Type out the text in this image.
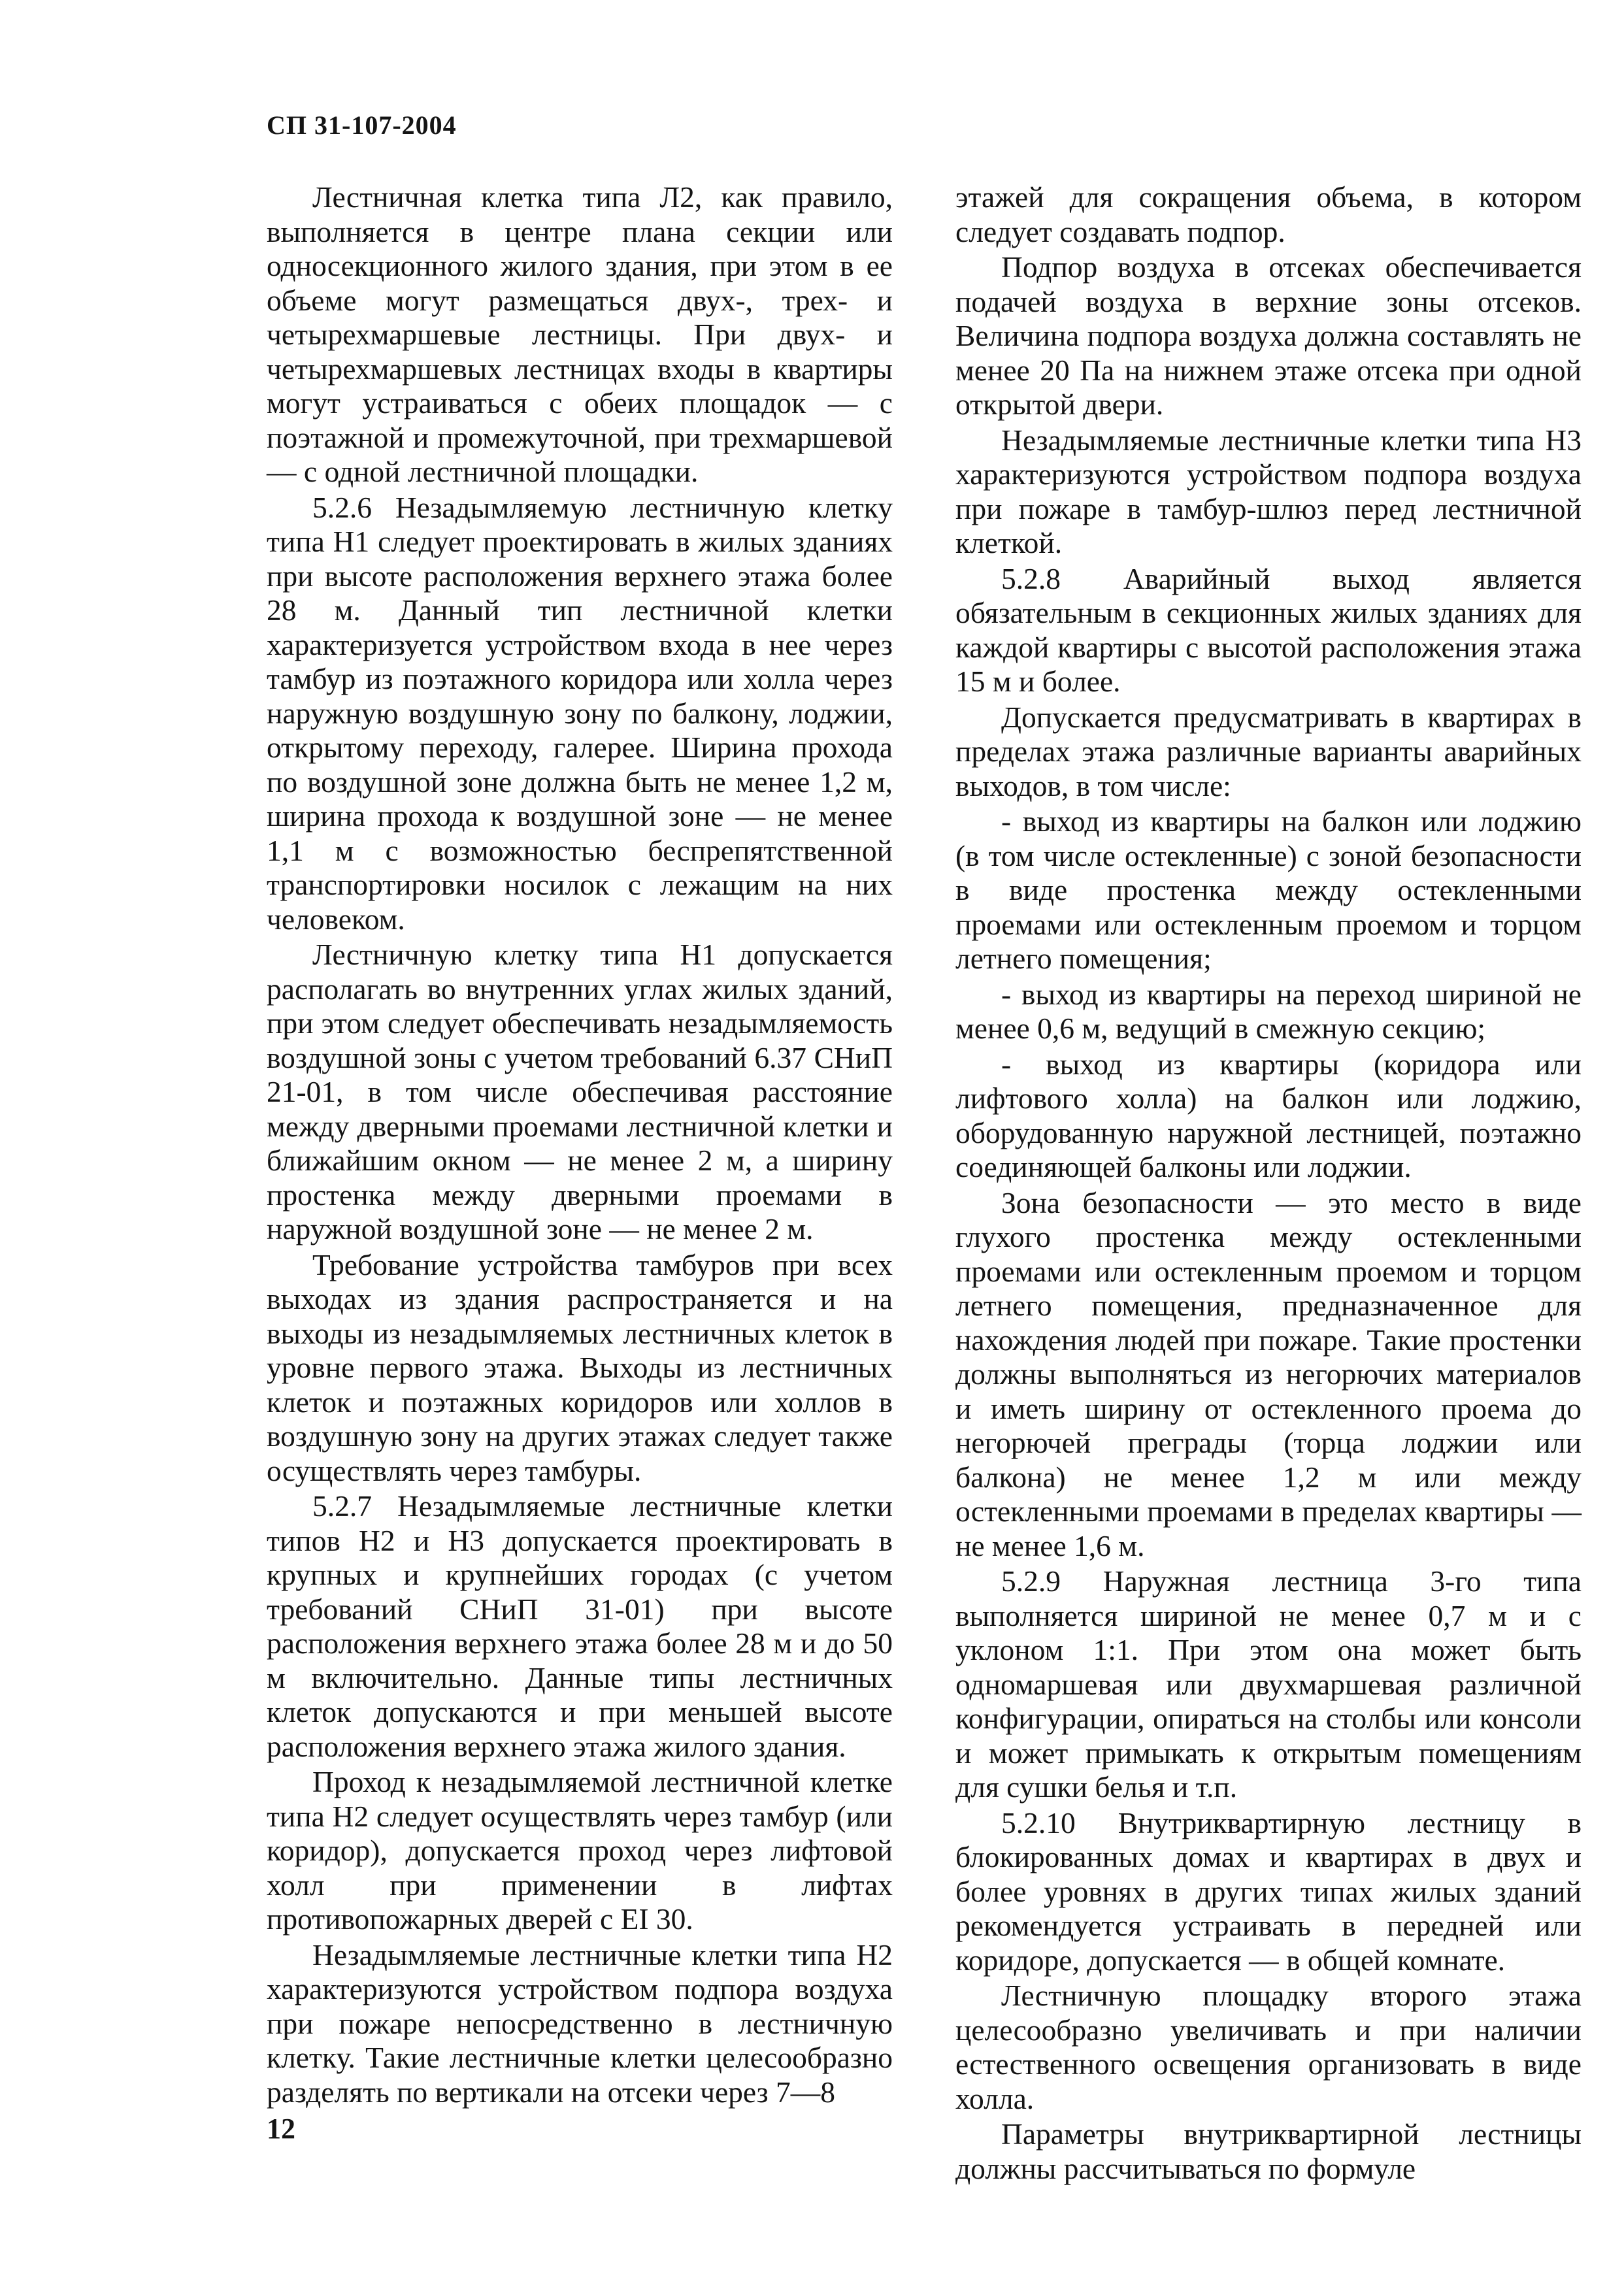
СП 31-107-2004

Лестничная клетка типа Л2, как правило, выполняется в центре плана секции или односекционного жилого здания, при этом в ее объеме могут размещаться двух-, трех- и четырехмаршевые лестницы. При двух- и четырехмаршевых лестницах входы в квартиры могут устраиваться с обеих площадок — с поэтажной и промежуточной, при трехмаршевой — с одной лестничной площадки.

5.2.6 Незадымляемую лестничную клетку типа Н1 следует проектировать в жилых зданиях при высоте расположения верхнего этажа более 28 м. Данный тип лестничной клетки характеризуется устройством входа в нее через тамбур из поэтажного коридора или холла через наружную воздушную зону по балкону, лоджии, открытому переходу, галерее. Ширина прохода по воздушной зоне должна быть не менее 1,2 м, ширина прохода к воздушной зоне — не менее 1,1 м с возможностью беспрепятственной транспортировки носилок с лежащим на них человеком.

Лестничную клетку типа Н1 допускается располагать во внутренних углах жилых зданий, при этом следует обеспечивать незадымляемость воздушной зоны с учетом требований 6.37 СНиП 21-01, в том числе обеспечивая расстояние между дверными проемами лестничной клетки и ближайшим окном — не менее 2 м, а ширину простенка между дверными проемами в наружной воздушной зоне — не менее 2 м.

Требование устройства тамбуров при всех выходах из здания распространяется и на выходы из незадымляемых лестничных клеток в уровне первого этажа. Выходы из лестничных клеток и поэтажных коридоров или холлов в воздушную зону на других этажах следует также осуществлять через тамбуры.

5.2.7 Незадымляемые лестничные клетки типов Н2 и Н3 допускается проектировать в крупных и крупнейших городах (с учетом требований СНиП 31-01) при высоте расположения верхнего этажа более 28 м и до 50 м включительно. Данные типы лестничных клеток допускаются и при меньшей высоте расположения верхнего этажа жилого здания.

Проход к незадымляемой лестничной клетке типа Н2 следует осуществлять через тамбур (или коридор), допускается проход через лифтовой холл при применении в лифтах противопожарных дверей с EI 30.

Незадымляемые лестничные клетки типа Н2 характеризуются устройством подпора воздуха при пожаре непосредственно в лестничную клетку. Такие лестничные клетки целесообразно разделять по вертикали на отсеки через 7—8

этажей для сокращения объема, в котором следует создавать подпор.

Подпор воздуха в отсеках обеспечивается подачей воздуха в верхние зоны отсеков. Величина подпора воздуха должна составлять не менее 20 Па на нижнем этаже отсека при одной открытой двери.

Незадымляемые лестничные клетки типа Н3 характеризуются устройством подпора воздуха при пожаре в тамбур-шлюз перед лестничной клеткой.

5.2.8 Аварийный выход является обязательным в секционных жилых зданиях для каждой квартиры с высотой расположения этажа 15 м и более.

Допускается предусматривать в квартирах в пределах этажа различные варианты аварийных выходов, в том числе:

- выход из квартиры на балкон или лоджию (в том числе остекленные) с зоной безопасности в виде простенка между остекленными проемами или остекленным проемом и торцом летнего помещения;

- выход из квартиры на переход шириной не менее 0,6 м, ведущий в смежную секцию;

- выход из квартиры (коридора или лифтового холла) на балкон или лоджию, оборудованную наружной лестницей, поэтажно соединяющей балконы или лоджии.

Зона безопасности — это место в виде глухого простенка между остекленными проемами или остекленным проемом и торцом летнего помещения, предназначенное для нахождения людей при пожаре. Такие простенки должны выполняться из негорючих материалов и иметь ширину от остекленного проема до негорючей преграды (торца лоджии или балкона) не менее 1,2 м или между остекленными проемами в пределах квартиры — не менее 1,6 м.

5.2.9 Наружная лестница 3-го типа выполняется шириной не менее 0,7 м и с уклоном 1:1. При этом она может быть одномаршевая или двухмаршевая различной конфигурации, опираться на столбы или консоли и может примыкать к открытым помещениям для сушки белья и т.п.

5.2.10 Внутриквартирную лестницу в блокированных домах и квартирах в двух и более уровнях в других типах жилых зданий рекомендуется устраивать в передней или коридоре, допускается — в общей комнате.

Лестничную площадку второго этажа целесообразно увеличивать и при наличии естественного освещения организовать в виде холла.

Параметры внутриквартирной лестницы должны рассчитываться по формуле

12
